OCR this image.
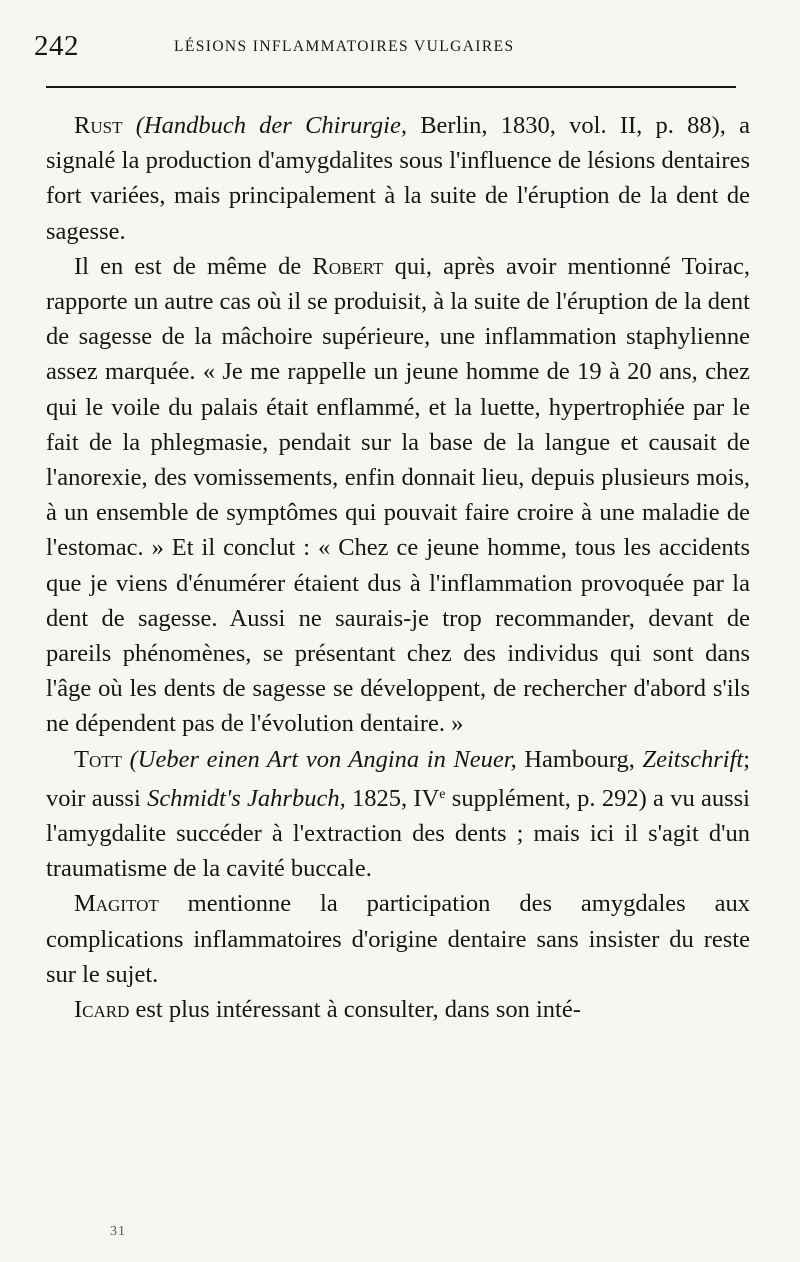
242	LÉSIONS INFLAMMATOIRES VULGAIRES

Rust (Handbuch der Chirurgie, Berlin, 1830, vol. II, p. 88), a signalé la production d'amygdalites sous l'influence de lésions dentaires fort variées, mais principalement à la suite de l'éruption de la dent de sagesse.

Il en est de même de Robert qui, après avoir mentionné Toirac, rapporte un autre cas où il se produisit, à la suite de l'éruption de la dent de sagesse de la mâchoire supérieure, une inflammation staphylienne assez marquée. « Je me rappelle un jeune homme de 19 à 20 ans, chez qui le voile du palais était enflammé, et la luette, hypertrophiée par le fait de la phlegmasie, pendait sur la base de la langue et causait de l'anorexie, des vomissements, enfin donnait lieu, depuis plusieurs mois, à un ensemble de symptômes qui pouvait faire croire à une maladie de l'estomac. » Et il conclut : « Chez ce jeune homme, tous les accidents que je viens d'énumérer étaient dus à l'inflammation provoquée par la dent de sagesse. Aussi ne saurais-je trop recommander, devant de pareils phénomènes, se présentant chez des individus qui sont dans l'âge où les dents de sagesse se développent, de rechercher d'abord s'ils ne dépendent pas de l'évolution dentaire. »

Tott (Ueber einen Art von Angina in Neuer, Hambourg, Zeitschrift; voir aussi Schmidt's Jahrbuch, 1825, IVe supplément, p. 292) a vu aussi l'amygdalite succéder à l'extraction des dents ; mais ici il s'agit d'un traumatisme de la cavité buccale.

Magitot mentionne la participation des amygdales aux complications inflammatoires d'origine dentaire sans insister du reste sur le sujet.

Icard est plus intéressant à consulter, dans son inté-

31
